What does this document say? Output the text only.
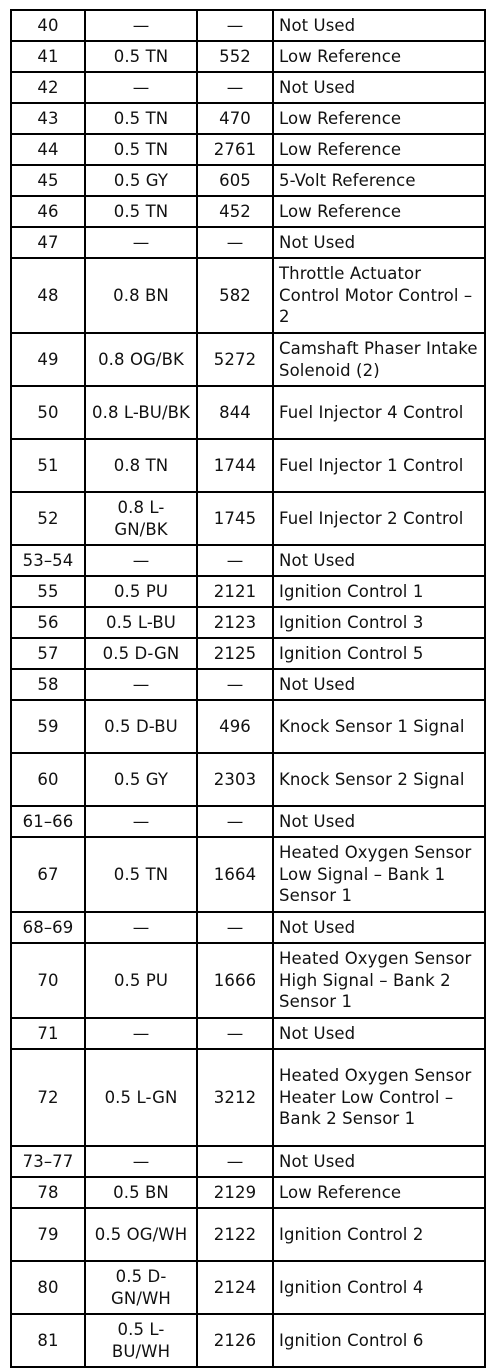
40	—	—	Not Used
41	0.5 TN	552	Low Reference
42	—	—	Not Used
43	0.5 TN	470	Low Reference
44	0.5 TN	2761	Low Reference
45	0.5 GY	605	5-Volt Reference
46	0.5 TN	452	Low Reference
47	—	—	Not Used
48	0.8 BN	582	Throttle Actuator Control Motor Control – 2
49	0.8 OG/BK	5272	Camshaft Phaser Intake Solenoid (2)
50	0.8 L-BU/BK	844	Fuel Injector 4 Control
51	0.8 TN	1744	Fuel Injector 1 Control
52	0.8 L-GN/BK	1745	Fuel Injector 2 Control
53–54	—	—	Not Used
55	0.5 PU	2121	Ignition Control 1
56	0.5 L-BU	2123	Ignition Control 3
57	0.5 D-GN	2125	Ignition Control 5
58	—	—	Not Used
59	0.5 D-BU	496	Knock Sensor 1 Signal
60	0.5 GY	2303	Knock Sensor 2 Signal
61–66	—	—	Not Used
67	0.5 TN	1664	Heated Oxygen Sensor Low Signal – Bank 1 Sensor 1
68–69	—	—	Not Used
70	0.5 PU	1666	Heated Oxygen Sensor High Signal – Bank 2 Sensor 1
71	—	—	Not Used
72	0.5 L-GN	3212	Heated Oxygen Sensor Heater Low Control – Bank 2 Sensor 1
73–77	—	—	Not Used
78	0.5 BN	2129	Low Reference
79	0.5 OG/WH	2122	Ignition Control 2
80	0.5 D-GN/WH	2124	Ignition Control 4
81	0.5 L-BU/WH	2126	Ignition Control 6
